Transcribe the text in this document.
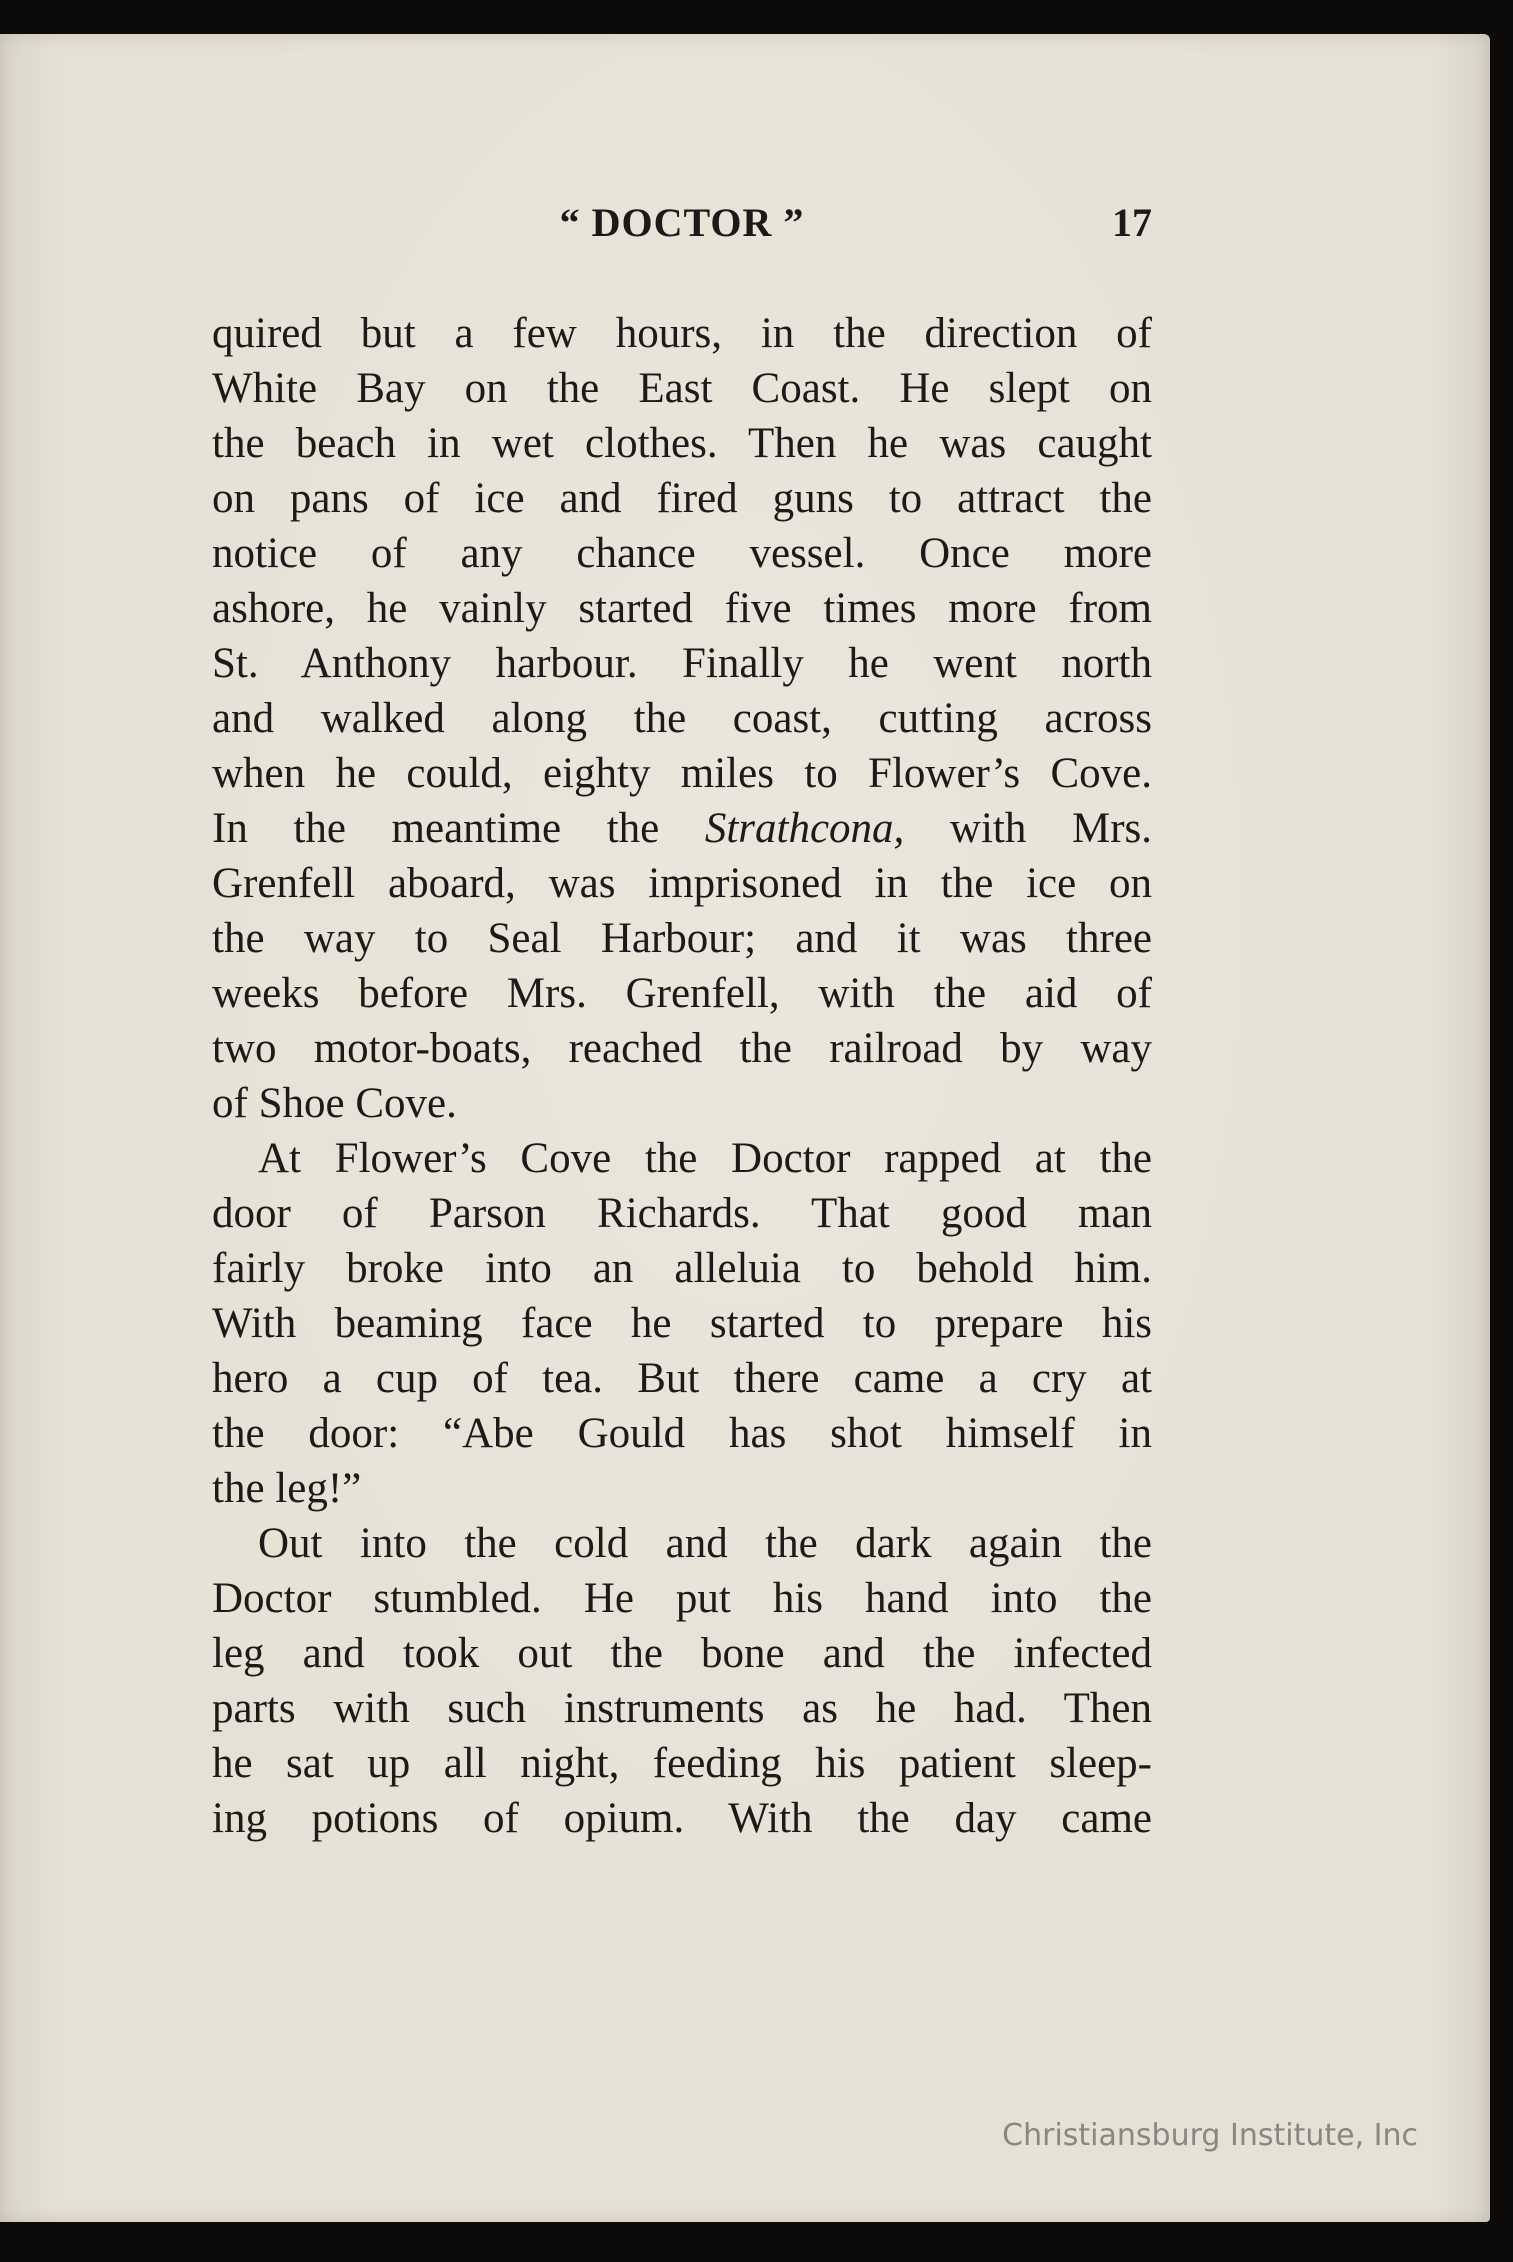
“ DOCTOR ”	17

quired but a few hours, in the direction of
White Bay on the East Coast. He slept on
the beach in wet clothes. Then he was caught
on pans of ice and fired guns to attract the
notice of any chance vessel. Once more
ashore, he vainly started five times more from
St. Anthony harbour. Finally he went north
and walked along the coast, cutting across
when he could, eighty miles to Flower’s Cove.
In the meantime the Strathcona, with Mrs.
Grenfell aboard, was imprisoned in the ice on
the way to Seal Harbour; and it was three
weeks before Mrs. Grenfell, with the aid of
two motor-boats, reached the railroad by way
of Shoe Cove.

At Flower’s Cove the Doctor rapped at the
door of Parson Richards. That good man
fairly broke into an alleluia to behold him.
With beaming face he started to prepare his
hero a cup of tea. But there came a cry at
the door: “Abe Gould has shot himself in
the leg!”

Out into the cold and the dark again the
Doctor stumbled. He put his hand into the
leg and took out the bone and the infected
parts with such instruments as he had. Then
he sat up all night, feeding his patient sleep-
ing potions of opium. With the day came

Christiansburg Institute, Inc
